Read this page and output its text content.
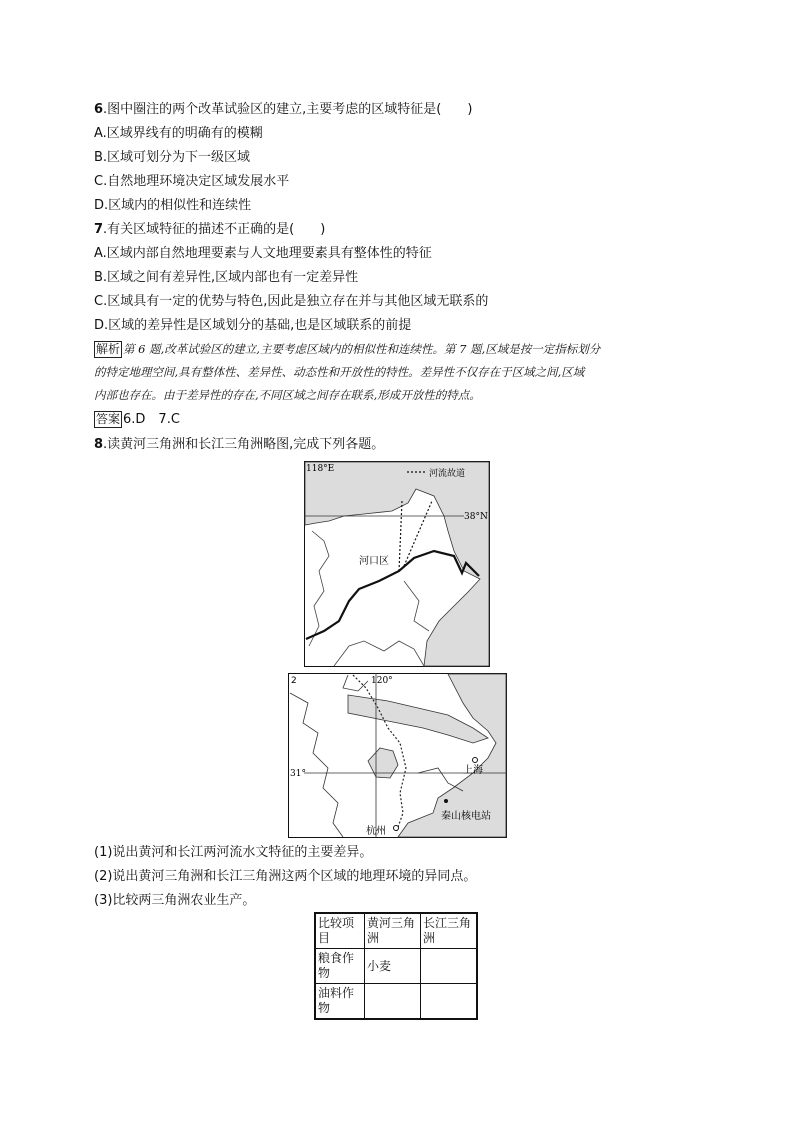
6.图中圈注的两个改革试验区的建立,主要考虑的区域特征是(　　)
A.区域界线有的明确有的模糊
B.区域可划分为下一级区域
C.自然地理环境决定区域发展水平
D.区域内的相似性和连续性
7.有关区域特征的描述不正确的是(　　)
A.区域内部自然地理要素与人文地理要素具有整体性的特征
B.区域之间有差异性,区域内部也有一定差异性
C.区域具有一定的优势与特色,因此是独立存在并与其他区域无联系的
D.区域的差异性是区域划分的基础,也是区域联系的前提
解析 第 6 题,改革试验区的建立,主要考虑区域内的相似性和连续性。第 7 题,区域是按一定指标划分
的特定地理空间,具有整体性、差异性、动态性和开放性的特性。差异性不仅存在于区域之间,区域
内部也存在。由于差异性的存在,不同区域之间存在联系,形成开放性的特点。
答案 6.D　7.C
8.读黄河三角洲和长江三角洲略图,完成下列各题。
118°E
38°N
河流故道
河口区
2	120°
31°	上海
秦山核电站
杭州
(1)说出黄河和长江两河流水文特征的主要差异。
(2)说出黄河三角洲和长江三角洲这两个区域的地理环境的异同点。
(3)比较两三角洲农业生产。
比较项目	黄河三角洲	长江三角洲
粮食作物	小麦	
油料作物		
